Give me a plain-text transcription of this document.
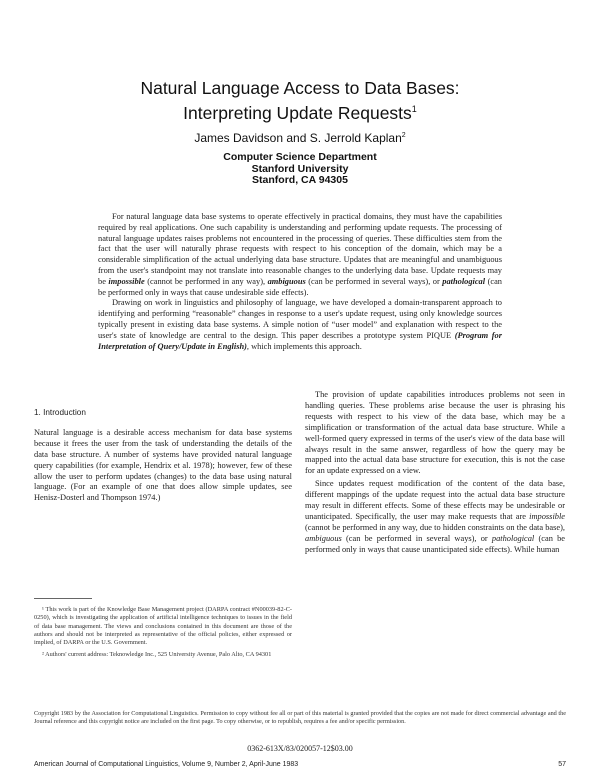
Natural Language Access to Data Bases:
Interpreting Update Requests$^1$
James Davidson and S. Jerrold Kaplan$^2$
Computer Science Department
Stanford University
Stanford, CA 94305

For natural language data base systems to operate effectively in practical domains, they must have the capabilities required by real applications. One such capability is understanding and performing update requests. The processing of natural language updates raises problems not encountered in the processing of queries. These difficulties stem from the fact that the user will naturally phrase requests with respect to his conception of the domain, which may be a considerable simplification of the actual underlying data base structure. Updates that are meaningful and unambiguous from the user's standpoint may not translate into reasonable changes to the underlying data base. Update requests may be impossible (cannot be performed in any way), ambiguous (can be performed in several ways), or pathological (can be performed only in ways that cause undesirable side effects).

Drawing on work in linguistics and philosophy of language, we have developed a domain-transparent approach to identifying and performing “reasonable” changes in response to a user's update request, using only knowledge sources typically present in existing data base systems. A simple notion of “user model” and explanation with respect to the user's state of knowledge are central to the design. This paper describes a prototype system PIQUE (Program for Interpretation of Query/Update in English), which implements this approach.

1. Introduction

Natural language is a desirable access mechanism for data base systems because it frees the user from the task of understanding the details of the data base structure. A number of systems have provided natural language query capabilities (for example, Hendrix et al. 1978); however, few of these allow the user to perform updates (changes) to the data base using natural language. (For an example of one that does allow simple updates, see Henisz-Dosterl and Thompson 1974.)

The provision of update capabilities introduces problems not seen in handling queries. These problems arise because the user is phrasing his requests with respect to his view of the data base, which may be a simplification or transformation of the actual data base structure. While a well-formed query expressed in terms of the user's view of the data base will always result in the same answer, regardless of how the query may be mapped into the actual data base structure for execution, this is not the case for an update expressed on a view.

Since updates request modification of the content of the data base, different mappings of the update request into the actual data base structure may result in different effects. Some of these effects may be undesirable or unanticipated. Specifically, the user may make requests that are impossible (cannot be performed in any way, due to hidden constraints on the data base), ambiguous (can be performed in several ways), or pathological (can be performed only in ways that cause unanticipated side effects). While human

¹ This work is part of the Knowledge Base Management project (DARPA contract #N00039-82-C-0250), which is investigating the application of artificial intelligence techniques to issues in the field of data base management. The views and conclusions contained in this document are those of the authors and should not be interpreted as representative of the official policies, either expressed or implied, of DARPA or the U.S. Government.

² Authors' current address: Teknowledge Inc., 525 University Avenue, Palo Alto, CA 94301

Copyright 1983 by the Association for Computational Linguistics. Permission to copy without fee all or part of this material is granted provided that the copies are not made for direct commercial advantage and the Journal reference and this copyright notice are included on the first page. To copy otherwise, or to republish, requires a fee and/or specific permission.
0362-613X/83/020057-12$03.00
American Journal of Computational Linguistics, Volume 9, Number 2, April-June 1983	57
